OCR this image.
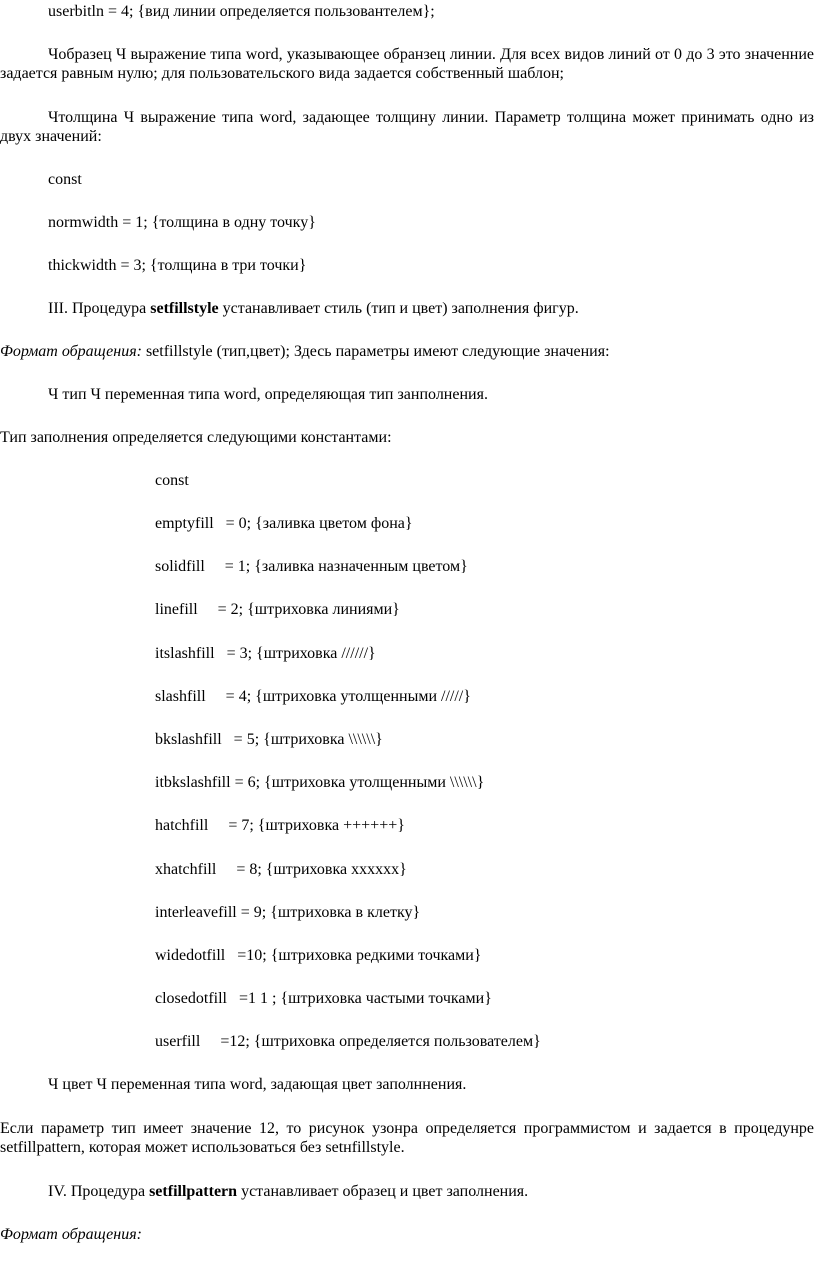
userbitln = 4; {вид линии определяется пользовантелем};
Чобразец Ч выражение типа word, указывающее обранзец линии. Для всех видов линий от 0 до 3 это значенние задается равным нулю; для пользовательского вида задается собственный шаблон;
Чтолщина Ч выражение типа word, задающее толщину линии. Параметр толщина может принимать одно из двух значений:
const
normwidth = 1; {толщина в одну точку}
thickwidth = 3; {толщина в три точки}
III. Процедура setfillstyle устанавливает стиль (тип и цвет) заполнения фигур.
Формат обращения: setfillstyle (тип,цвет); Здесь параметры имеют следующие значения:
Ч тип Ч переменная типа word, определяющая тип занполнения.
Тип заполнения определяется следующими константами:
const
emptyfill = 0; {заливка цветом фона}
solidfill = 1; {заливка назначенным цветом}
linefill = 2; {штриховка линиями}
itslashfill = 3; {штриховка //////}
slashfill = 4; {штриховка утолщенными /////}
bkslashfill = 5; {штриховка \\\\\\}
itbkslashfill = 6; {штриховка утолщенными \\\\\\}
hatchfill = 7; {штриховка ++++++}
xhatchfill = 8; {штриховка xxxxxx}
interleavefill = 9; {штриховка в клетку}
widedotfill =10; {штриховка редкими точками}
closedotfill =1 1 ; {штриховка частыми точками}
userfill =12; {штриховка определяется пользователем}
Ч цвет Ч переменная типа word, задающая цвет заполннения.
Если параметр тип имеет значение 12, то рисунок узонра определяется программистом и задается в процедунре setfillpattern, которая может использоваться без setнfillstyle.
IV. Процедура setfillpattern устанавливает образец и цвет заполнения.
Формат обращения:
